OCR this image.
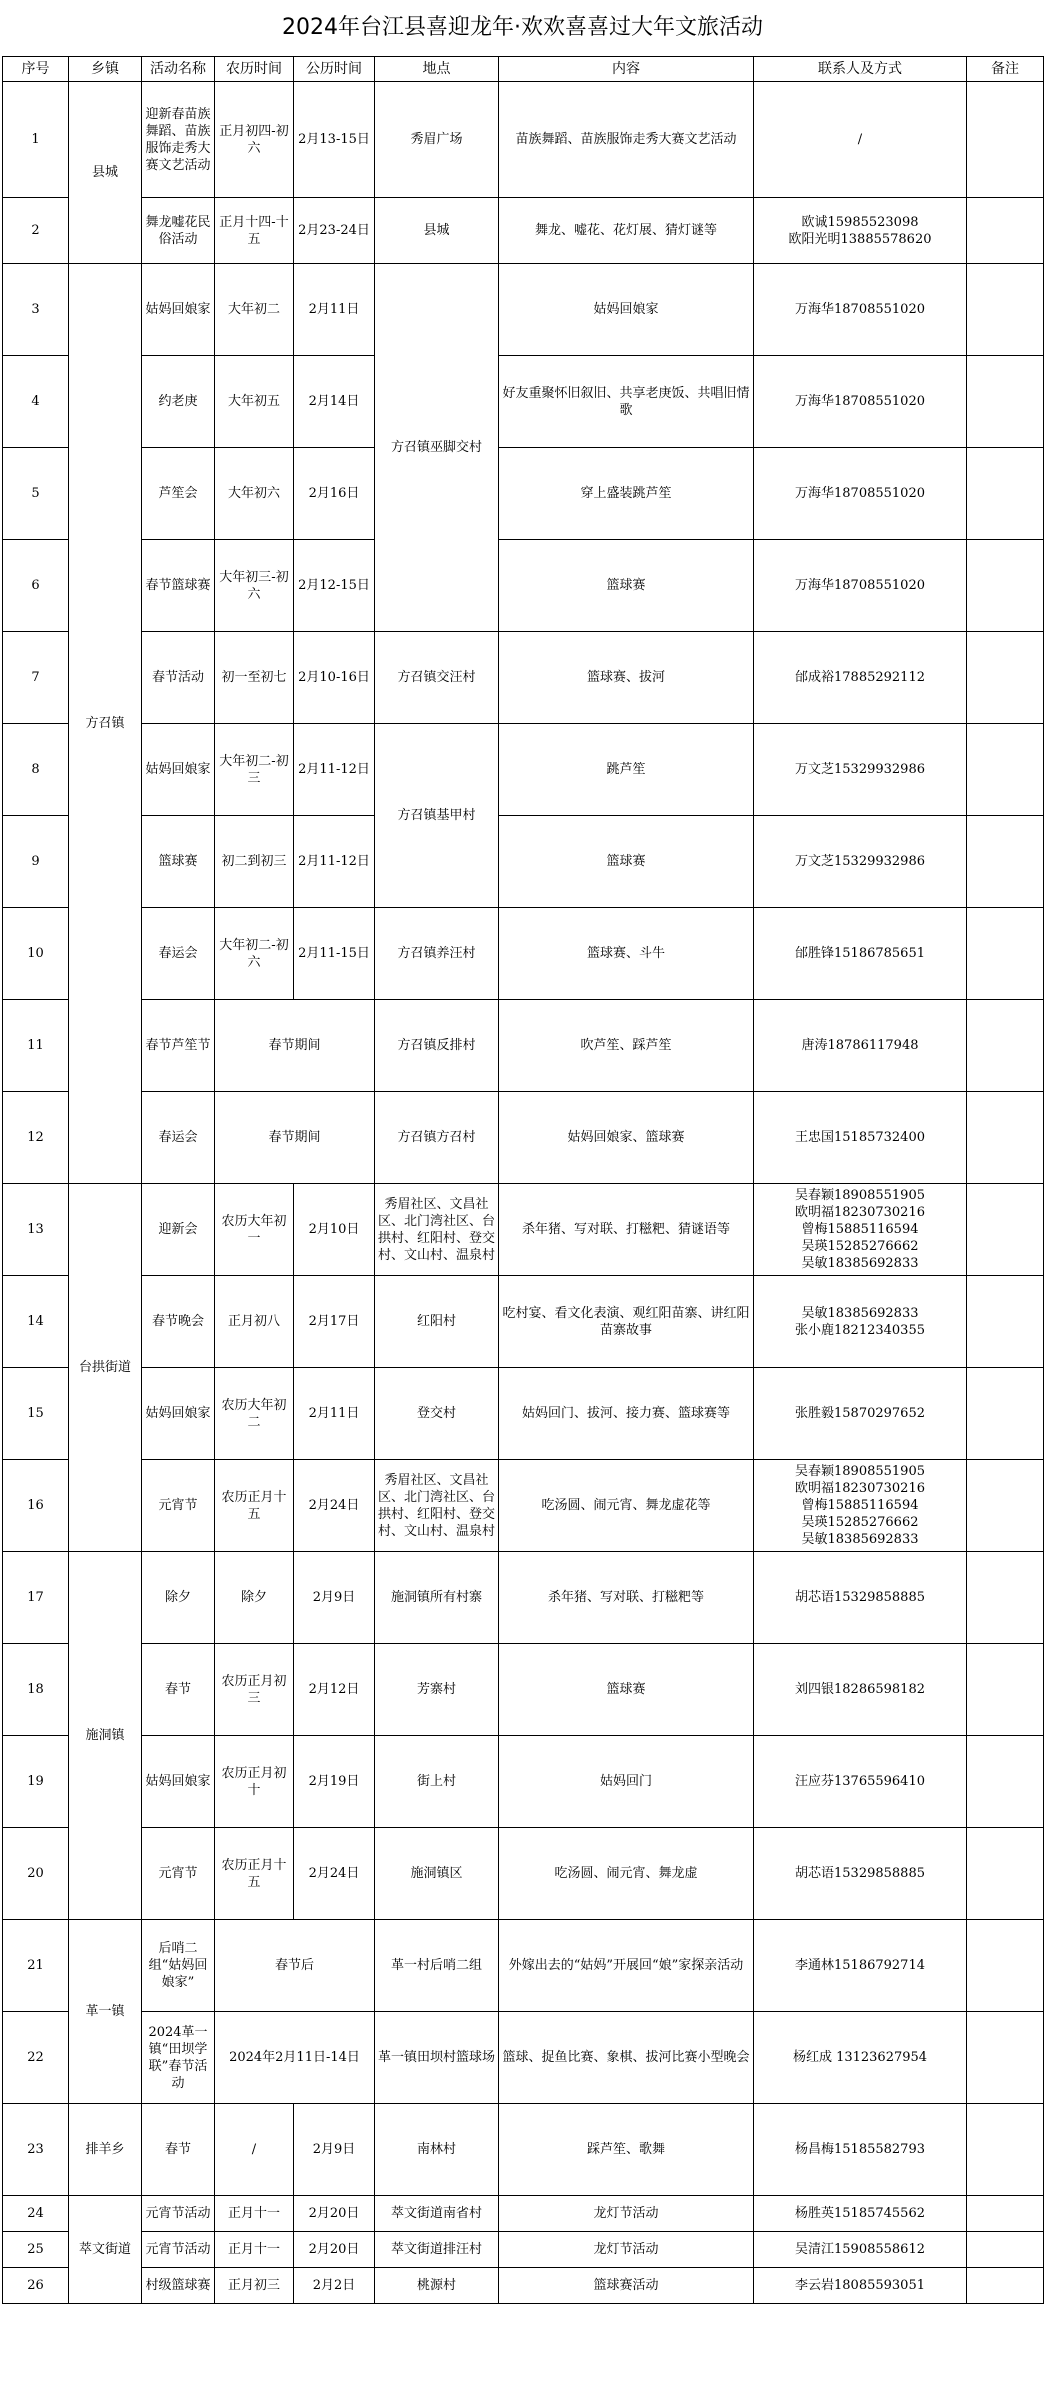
2024年台江县喜迎龙年·欢欢喜喜过大年文旅活动
序号	乡镇	活动名称	农历时间	公历时间	地点	内容	联系人及方式	备注
1	县城	迎新春苗族舞蹈、苗族服饰走秀大赛文艺活动	正月初四-初六	2月13-15日	秀眉广场	苗族舞蹈、苗族服饰走秀大赛文艺活动	/	
2		舞龙嘘花民俗活动	正月十四-十五	2月23-24日	县城	舞龙、嘘花、花灯展、猜灯谜等	欧诚15985523098
欧阳光明13885578620	
3	方召镇	姑妈回娘家	大年初二	2月11日	方召镇巫脚交村	姑妈回娘家	万海华18708551020	
4		约老庚	大年初五	2月14日		好友重聚怀旧叙旧、共享老庚饭、共唱旧情歌	万海华18708551020	
5		芦笙会	大年初六	2月16日		穿上盛装跳芦笙	万海华18708551020	
6		春节篮球赛	大年初三-初六	2月12-15日		篮球赛	万海华18708551020	
7		春节活动	初一至初七	2月10-16日	方召镇交汪村	篮球赛、拔河	邰成裕17885292112	
8		姑妈回娘家	大年初二-初三	2月11-12日	方召镇基甲村	跳芦笙	万文芝15329932986	
9		篮球赛	初二到初三	2月11-12日		篮球赛	万文芝15329932986	
10		春运会	大年初二-初六	2月11-15日	方召镇养汪村	篮球赛、斗牛	邰胜锋15186785651	
11		春节芦笙节	春节期间		方召镇反排村	吹芦笙、踩芦笙	唐涛18786117948	
12		春运会	春节期间		方召镇方召村	姑妈回娘家、篮球赛	王忠国15185732400	
13	台拱街道	迎新会	农历大年初一	2月10日	秀眉社区、文昌社区、北门湾社区、台拱村、红阳村、登交村、文山村、温泉村	杀年猪、写对联、打糍粑、猜谜语等	吴春颖18908551905
欧明福18230730216
曾梅15885116594
吴瑛15285276662
吴敏18385692833	
14		春节晚会	正月初八	2月17日	红阳村	吃村宴、看文化表演、观红阳苗寨、讲红阳苗寨故事	吴敏18385692833
张小鹿18212340355	
15		姑妈回娘家	农历大年初二	2月11日	登交村	姑妈回门、拔河、接力赛、篮球赛等	张胜毅15870297652	
16		元宵节	农历正月十五	2月24日	秀眉社区、文昌社区、北门湾社区、台拱村、红阳村、登交村、文山村、温泉村	吃汤圆、闹元宵、舞龙虚花等	吴春颖18908551905
欧明福18230730216
曾梅15885116594
吴瑛15285276662
吴敏18385692833	
17	施洞镇	除夕	除夕	2月9日	施洞镇所有村寨	杀年猪、写对联、打糍粑等	胡芯语15329858885	
18		春节	农历正月初三	2月12日	芳寨村	篮球赛	刘四银18286598182	
19		姑妈回娘家	农历正月初十	2月19日	街上村	姑妈回门	汪应芬13765596410	
20		元宵节	农历正月十五	2月24日	施洞镇区	吃汤圆、闹元宵、舞龙虚	胡芯语15329858885	
21	革一镇	后哨二组“姑妈回娘家”	春节后		革一村后哨二组	外嫁出去的“姑妈”开展回“娘”家探亲活动	李通林15186792714	
22		2024革一镇“田坝学联”春节活动	2024年2月11日-14日		革一镇田坝村篮球场	篮球、捉鱼比赛、象棋、拔河比赛小型晚会	杨红成 13123627954	
23	排羊乡	春节	/	2月9日	南林村	踩芦笙、歌舞	杨昌梅15185582793	
24	萃文街道	元宵节活动	正月十一	2月20日	萃文街道南省村	龙灯节活动	杨胜英15185745562	
25		元宵节活动	正月十一	2月20日	萃文街道排汪村	龙灯节活动	吴清江15908558612	
26		村级篮球赛	正月初三	2月2日	桃源村	篮球赛活动	李云岩18085593051	
